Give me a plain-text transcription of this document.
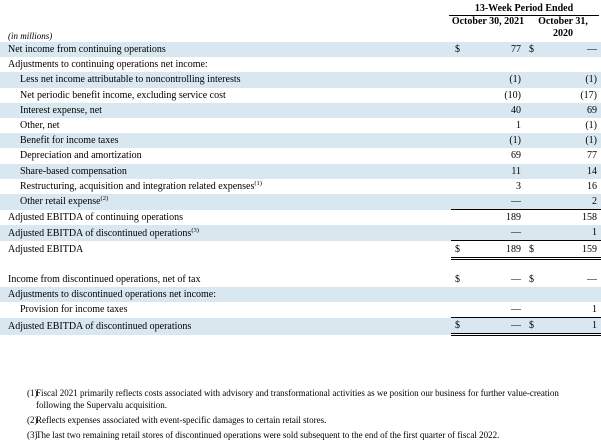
13-Week Period Ended
October 30, 2021	October 31, 2020
(in millions)
Net income from continuing operations	$	77	$	—
Adjustments to continuing operations net income:				
Less net income attributable to noncontrolling interests		(1)		(1)
Net periodic benefit income, excluding service cost		(10)		(17)
Interest expense, net		40		69
Other, net		1		(1)
Benefit for income taxes		(1)		(1)
Depreciation and amortization		69		77
Share-based compensation		11		14
Restructuring, acquisition and integration related expenses$^{(1)}$		3		16
Other retail expense$^{(2)}$		—		2
Adjusted EBITDA of continuing operations		189		158
Adjusted EBITDA of discontinued operations$^{(3)}$		—		1
Adjusted EBITDA	$	189	$	159

Income from discontinued operations, net of tax	$	—	$	—
Adjustments to discontinued operations net income:				
Provision for income taxes		—		1
Adjusted EBITDA of discontinued operations	$	—	$	1
(1)
Fiscal 2021 primarily reflects costs associated with advisory and transformational activities as we position our business for further value-creation following the Supervalu acquisition.
(2)
Reflects expenses associated with event-specific damages to certain retail stores.
(3)
The last two remaining retail stores of discontinued operations were sold subsequent to the end of the first quarter of fiscal 2022.
